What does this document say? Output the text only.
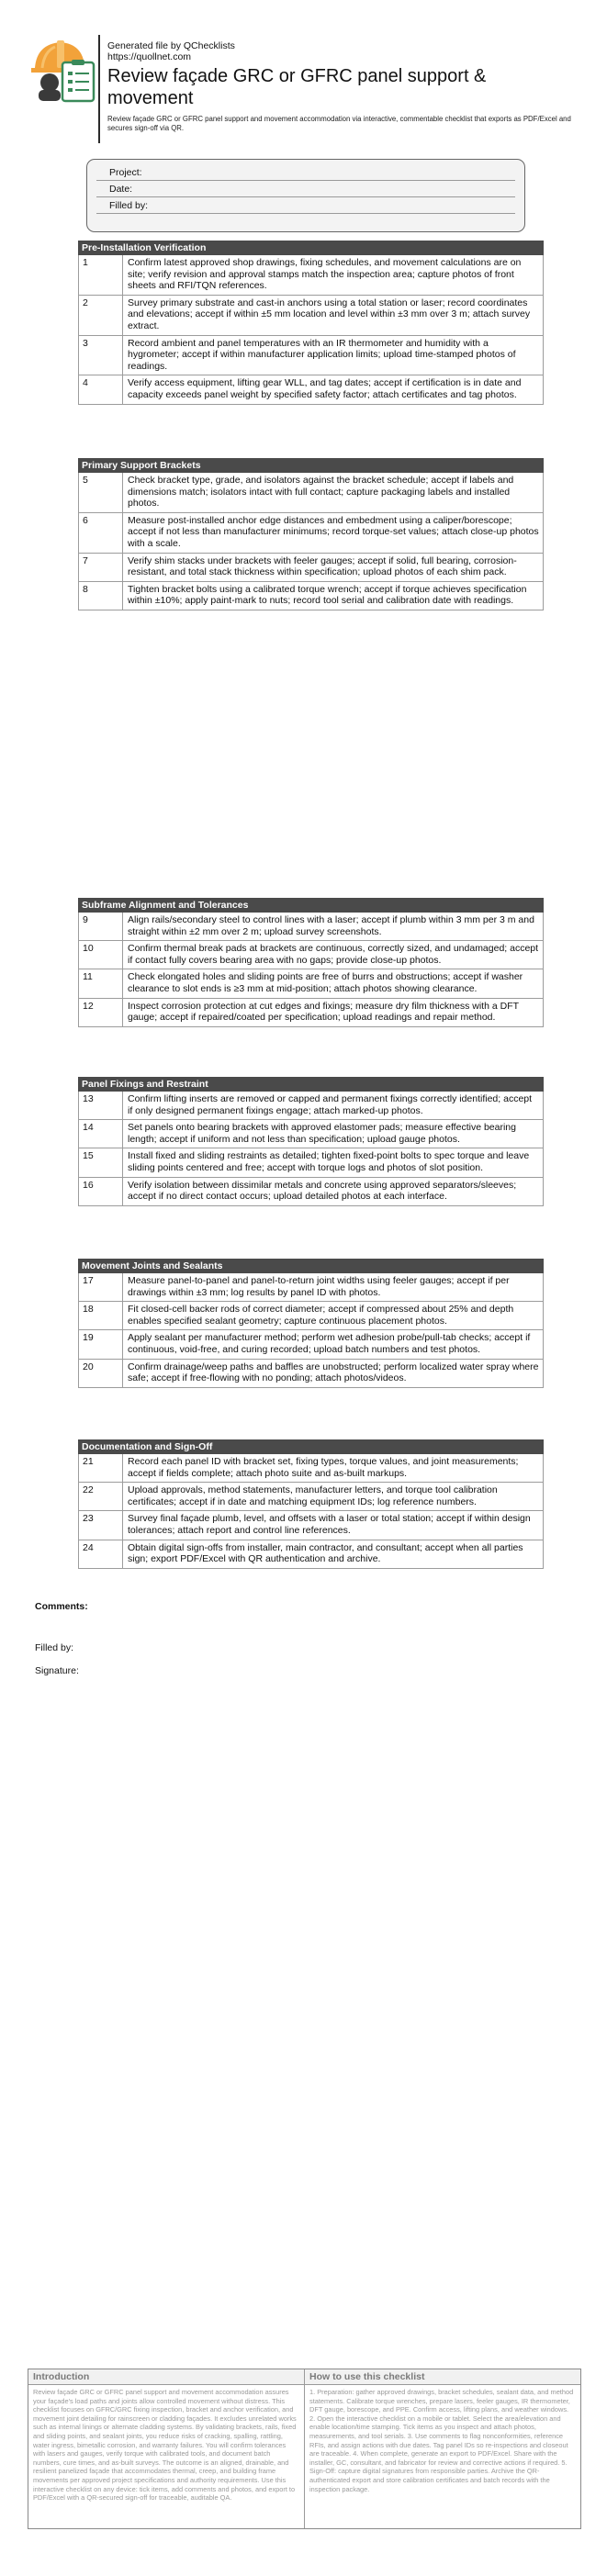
Generated file by QChecklists
https://quollnet.com
Review façade GRC or GFRC panel support & movement
Review façade GRC or GFRC panel support and movement accommodation via interactive, commentable checklist that exports as PDF/Excel and secures sign-off via QR.
Project:
Date:
Filled by:
Pre-Installation Verification
1	Confirm latest approved shop drawings, fixing schedules, and movement calculations are on site; verify revision and approval stamps match the inspection area; capture photos of front sheets and RFI/TQN references.
2	Survey primary substrate and cast-in anchors using a total station or laser; record coordinates and elevations; accept if within ±5 mm location and level within ±3 mm over 3 m; attach survey extract.
3	Record ambient and panel temperatures with an IR thermometer and humidity with a hygrometer; accept if within manufacturer application limits; upload time-stamped photos of readings.
4	Verify access equipment, lifting gear WLL, and tag dates; accept if certification is in date and capacity exceeds panel weight by specified safety factor; attach certificates and tag photos.
Primary Support Brackets
5	Check bracket type, grade, and isolators against the bracket schedule; accept if labels and dimensions match; isolators intact with full contact; capture packaging labels and installed photos.
6	Measure post-installed anchor edge distances and embedment using a caliper/borescope; accept if not less than manufacturer minimums; record torque-set values; attach close-up photos with a scale.
7	Verify shim stacks under brackets with feeler gauges; accept if solid, full bearing, corrosion-resistant, and total stack thickness within specification; upload photos of each shim pack.
8	Tighten bracket bolts using a calibrated torque wrench; accept if torque achieves specification within ±10%; apply paint-mark to nuts; record tool serial and calibration date with readings.
Subframe Alignment and Tolerances
9	Align rails/secondary steel to control lines with a laser; accept if plumb within 3 mm per 3 m and straight within ±2 mm over 2 m; upload survey screenshots.
10	Confirm thermal break pads at brackets are continuous, correctly sized, and undamaged; accept if contact fully covers bearing area with no gaps; provide close-up photos.
11	Check elongated holes and sliding points are free of burrs and obstructions; accept if washer clearance to slot ends is ≥3 mm at mid-position; attach photos showing clearance.
12	Inspect corrosion protection at cut edges and fixings; measure dry film thickness with a DFT gauge; accept if repaired/coated per specification; upload readings and repair method.
Panel Fixings and Restraint
13	Confirm lifting inserts are removed or capped and permanent fixings correctly identified; accept if only designed permanent fixings engage; attach marked-up photos.
14	Set panels onto bearing brackets with approved elastomer pads; measure effective bearing length; accept if uniform and not less than specification; upload gauge photos.
15	Install fixed and sliding restraints as detailed; tighten fixed-point bolts to spec torque and leave sliding points centered and free; accept with torque logs and photos of slot position.
16	Verify isolation between dissimilar metals and concrete using approved separators/sleeves; accept if no direct contact occurs; upload detailed photos at each interface.
Movement Joints and Sealants
17	Measure panel-to-panel and panel-to-return joint widths using feeler gauges; accept if per drawings within ±3 mm; log results by panel ID with photos.
18	Fit closed-cell backer rods of correct diameter; accept if compressed about 25% and depth enables specified sealant geometry; capture continuous placement photos.
19	Apply sealant per manufacturer method; perform wet adhesion probe/pull-tab checks; accept if continuous, void-free, and curing recorded; upload batch numbers and test photos.
20	Confirm drainage/weep paths and baffles are unobstructed; perform localized water spray where safe; accept if free-flowing with no ponding; attach photos/videos.
Documentation and Sign-Off
21	Record each panel ID with bracket set, fixing types, torque values, and joint measurements; accept if fields complete; attach photo suite and as-built markups.
22	Upload approvals, method statements, manufacturer letters, and torque tool calibration certificates; accept if in date and matching equipment IDs; log reference numbers.
23	Survey final façade plumb, level, and offsets with a laser or total station; accept if within design tolerances; attach report and control line references.
24	Obtain digital sign-offs from installer, main contractor, and consultant; accept when all parties sign; export PDF/Excel with QR authentication and archive.
Comments:
Filled by:
Signature:
Introduction
Review façade GRC or GFRC panel support and movement accommodation assures your façade's load paths and joints allow controlled movement without distress. This checklist focuses on GFRC/GRC fixing inspection, bracket and anchor verification, and movement joint detailing for rainscreen or cladding façades. It excludes unrelated works such as internal linings or alternate cladding systems. By validating brackets, rails, fixed and sliding points, and sealant joints, you reduce risks of cracking, spalling, rattling, water ingress, bimetallic corrosion, and warranty failures. You will confirm tolerances with lasers and gauges, verify torque with calibrated tools, and document batch numbers, cure times, and as-built surveys. The outcome is an aligned, drainable, and resilient panelized façade that accommodates thermal, creep, and building frame movements per approved project specifications and authority requirements. Use this interactive checklist on any device: tick items, add comments and photos, and export to PDF/Excel with a QR-secured sign-off for traceable, auditable QA.
How to use this checklist
1. Preparation: gather approved drawings, bracket schedules, sealant data, and method statements. Calibrate torque wrenches, prepare lasers, feeler gauges, IR thermometer, DFT gauge, borescope, and PPE. Confirm access, lifting plans, and weather windows. 2. Open the interactive checklist on a mobile or tablet. Select the area/elevation and enable location/time stamping. Tick items as you inspect and attach photos, measurements, and tool serials. 3. Use comments to flag nonconformities, reference RFIs, and assign actions with due dates. Tag panel IDs so re-inspections and closeout are traceable. 4. When complete, generate an export to PDF/Excel. Share with the installer, GC, consultant, and fabricator for review and corrective actions if required. 5. Sign-Off: capture digital signatures from responsible parties. Archive the QR-authenticated export and store calibration certificates and batch records with the inspection package.
